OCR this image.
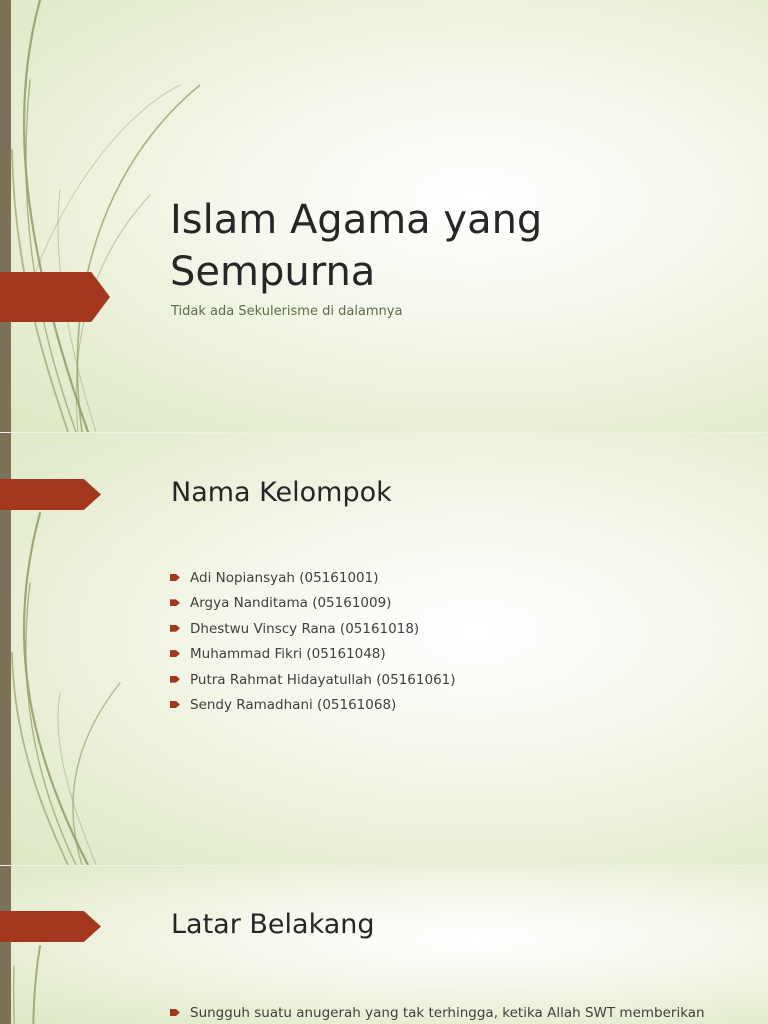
Islam Agama yang
Sempurna

Tidak ada Sekulerisme di dalamnya

Nama Kelompok
Adi Nopiansyah (05161001)
Argya Nanditama (05161009)
Dhestwu Vinscy Rana (05161018)
Muhammad Fikri (05161048)
Putra Rahmat Hidayatullah (05161061)
Sendy Ramadhani (05161068)
Latar Belakang
Sungguh suatu anugerah yang tak terhingga, ketika Allah SWT memberikan
